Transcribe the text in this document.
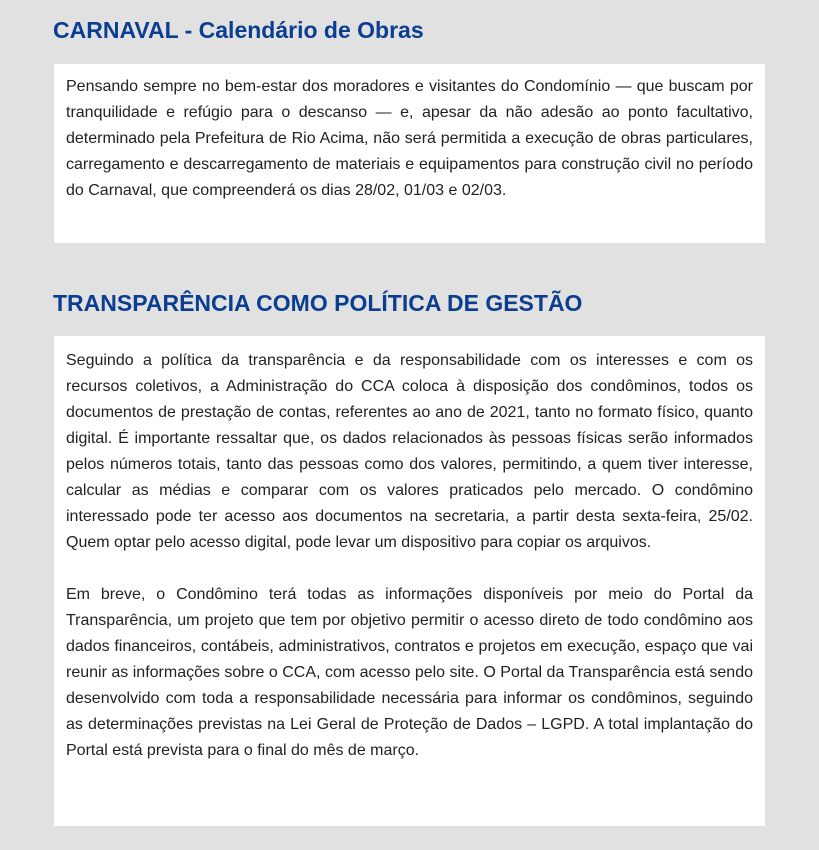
CARNAVAL - Calendário de Obras

Pensando sempre no bem-estar dos moradores e visitantes do Condomínio — que buscam por tranquilidade e refúgio para o descanso — e, apesar da não adesão ao ponto facultativo, determinado pela Prefeitura de Rio Acima, não será permitida a execução de obras particulares, carregamento e descarregamento de materiais e equipamentos para construção civil no período do Carnaval, que compreenderá os dias 28/02, 01/03 e 02/03.

TRANSPARÊNCIA COMO POLÍTICA DE GESTÃO

Seguindo a política da transparência e da responsabilidade com os interesses e com os recursos coletivos, a Administração do CCA coloca à disposição dos condôminos, todos os documentos de prestação de contas, referentes ao ano de 2021, tanto no formato físico, quanto digital. É importante ressaltar que, os dados relacionados às pessoas físicas serão informados pelos números totais, tanto das pessoas como dos valores, permitindo, a quem tiver interesse, calcular as médias e comparar com os valores praticados pelo mercado. O condômino interessado pode ter acesso aos documentos na secretaria, a partir desta sexta-feira, 25/02. Quem optar pelo acesso digital, pode levar um dispositivo para copiar os arquivos.

Em breve, o Condômino terá todas as informações disponíveis por meio do Portal da Transparência, um projeto que tem por objetivo permitir o acesso direto de todo condômino aos dados financeiros, contábeis, administrativos, contratos e projetos em execução, espaço que vai reunir as informações sobre o CCA, com acesso pelo site. O Portal da Transparência está sendo desenvolvido com toda a responsabilidade necessária para informar os condôminos, seguindo as determinações previstas na Lei Geral de Proteção de Dados – LGPD. A total implantação do Portal está prevista para o final do mês de março.
